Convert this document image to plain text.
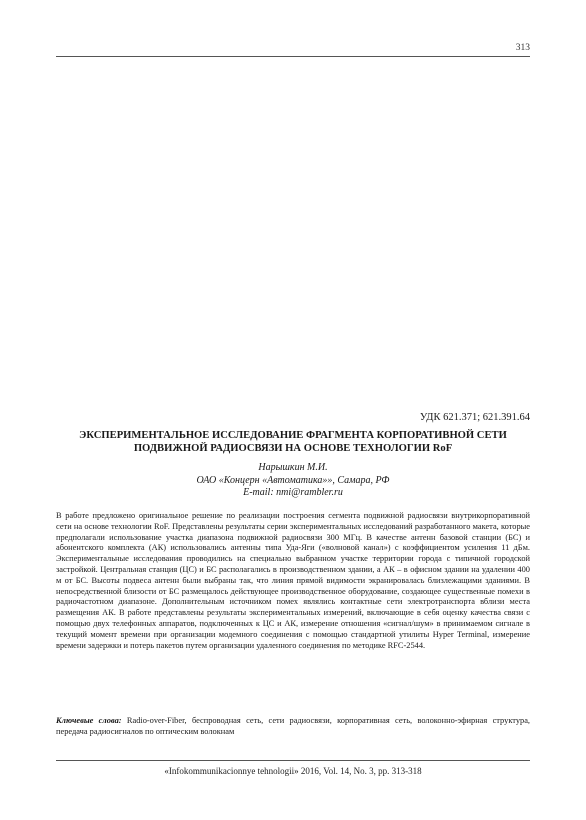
313
УДК 621.371; 621.391.64
ЭКСПЕРИМЕНТАЛЬНОЕ ИССЛЕДОВАНИЕ ФРАГМЕНТА КОРПОРАТИВНОЙ СЕТИ
ПОДВИЖНОЙ РАДИОСВЯЗИ НА ОСНОВЕ ТЕХНОЛОГИИ RoF
Нарышкин М.И.
ОАО «Концерн «Автоматика»», Самара, РФ
E-mail: nmi@rambler.ru

В работе предложено оригинальное решение по реализации построения сегмента подвижной радиосвязи внутрикорпоративной сети на основе технологии RoF. Представлены результаты серии экспериментальных исследований разработанного макета, которые предполагали использование участка диапазона подвижной радиосвязи 300 МГц. В качестве антенн базовой станции (БС) и абонентского комплекта (АК) использовались антенны типа Уда-Яги («волновой канал») с коэффициентом усиления 11 дБм. Экспериментальные исследования проводились на специально выбранном участке территории города с типичной городской застройкой. Центральная станция (ЦС) и БС располагались в производственном здании, а АК – в офисном здании на удалении 400 м от БС. Высоты подвеса антенн были выбраны так, что линия прямой видимости экранировалась близлежащими зданиями. В непосредственной близости от БС размещалось действующее производственное оборудование, создающее существенные помехи в радиочастотном диапазоне. Дополнительным источником помех являлись контактные сети электротранспорта вблизи места размещения АК. В работе представлены результаты экспериментальных измерений, включающие в себя оценку качества связи с помощью двух телефонных аппаратов, подключенных к ЦС и АК, измерение отношения «сигнал/шум» в принимаемом сигнале в текущий момент времени при организации модемного соединения с помощью стандартной утилиты Hyper Terminal, измерение времени задержки и потерь пакетов путем организации удаленного соединения по методике RFC-2544.

Ключевые слова: Radio-over-Fiber, беспроводная сеть, сети радиосвязи, корпоративная сеть, волоконно-эфирная структура, передача радиосигналов по оптическим волокнам

«Infokommunikacionnye tehnologii» 2016, Vol. 14, No. 3, pp. 313-318
